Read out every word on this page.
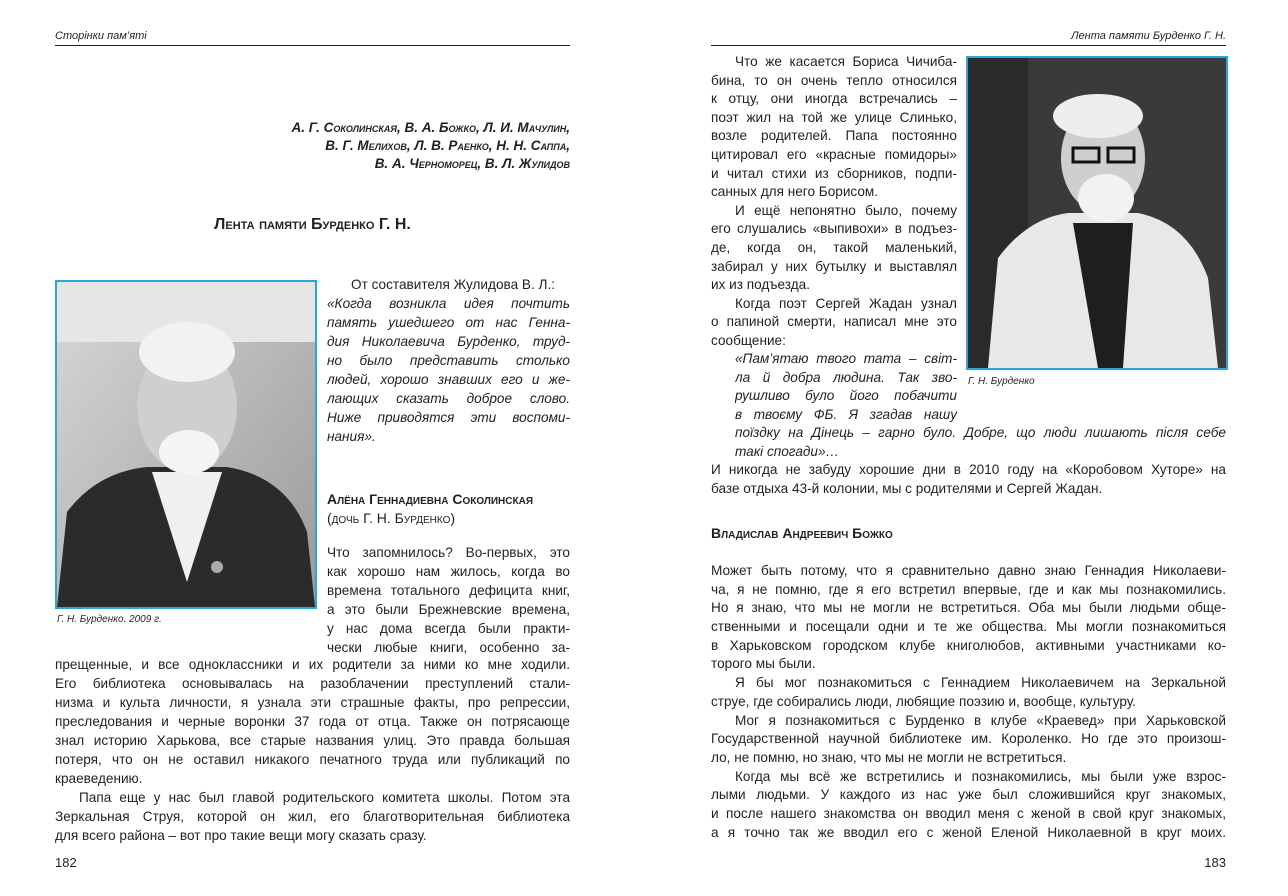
Сторінки пам’яті
А. Г. Соколинская, В. А. Божко, Л. И. Мачулин,
В. Г. Мелихов, Л. В. Раенко, Н. Н. Саппа,
В. А. Черноморец, В. Л. Жулидов
Лента памяти Бурденко Г. Н.
Г. Н. Бурденко. 2009 г.
От составителя Жулидова В. Л.:
«Когда возникла идея почтить
память ушедшего от нас Генна-
дия Николаевича Бурденко, труд-
но было представить столько
людей, хорошо знавших его и же-
лающих сказать доброе слово.
Ниже приводятся эти воспоми-
нания».
Алёна Геннадиевна Соколинская
(дочь Г. Н. Бурденко)
Что запомнилось? Во-первых, это
как хорошо нам жилось, когда во
времена тотального дефицита книг,
а это были Брежневские времена,
у нас дома всегда были практи-
чески любые книги, особенно за-
прещенные, и все одноклассники и их родители за ними ко мне ходили.
Его библиотека основывалась на разоблачении преступлений стали-
низма и культа личности, я узнала эти страшные факты, про репрессии,
преследования и черные воронки 37 года от отца. Также он потрясающе
знал историю Харькова, все старые названия улиц. Это правда большая
потеря, что он не оставил никакого печатного труда или публикаций по
краеведению.
Папа еще у нас был главой родительского комитета школы. Потом эта
Зеркальная Струя, которой он жил, его благотворительная библиотека
для всего района – вот про такие вещи могу сказать сразу.
182
Лента памяти Бурденко Г. Н.
Что же касается Бориса Чичиба-
бина, то он очень тепло относился
к отцу, они иногда встречались –
поэт жил на той же улице Слинько,
возле родителей. Папа постоянно
цитировал его «красные помидоры»
и читал стихи из сборников, подпи-
санных для него Борисом.
И ещё непонятно было, почему
его слушались «выпивохи» в подъез-
де, когда он, такой маленький,
забирал у них бутылку и выставлял
их из подъезда.
Когда поэт Сергей Жадан узнал
о папиной смерти, написал мне это
сообщение:
«Пам’ятаю твого тата – світ-
ла й добра людина. Так зво-
рушливо було його побачити
в твоєму ФБ. Я згадав нашу
поїздку на Дінець – гарно було. Добре, що люди лишають після себе
такі спогади»…
И никогда не забуду хорошие дни в 2010 году на «Коробовом Хуторе» на
базе отдыха 43-й колонии, мы с родителями и Сергей Жадан.
Г. Н. Бурденко
Владислав Андреевич Божко
Может быть потому, что я сравнительно давно знаю Геннадия Николаеви-
ча, я не помню, где я его встретил впервые, где и как мы познакомились.
Но я знаю, что мы не могли не встретиться. Оба мы были людьми обще-
ственными и посещали одни и те же общества. Мы могли познакомиться
в Харьковском городском клубе книголюбов, активными участниками ко-
торого мы были.
Я бы мог познакомиться с Геннадием Николаевичем на Зеркальной
струе, где собирались люди, любящие поэзию и, вообще, культуру.
Мог я познакомиться с Бурденко в клубе «Краевед» при Харьковской
Государственной научной библиотеке им. Короленко. Но где это произош-
ло, не помню, но знаю, что мы не могли не встретиться.
Когда мы всё же встретились и познакомились, мы были уже взрос-
лыми людьми. У каждого из нас уже был сложившийся круг знакомых,
и после нашего знакомства он вводил меня с женой в свой круг знакомых,
а я точно так же вводил его с женой Еленой Николаевной в круг моих.
183
